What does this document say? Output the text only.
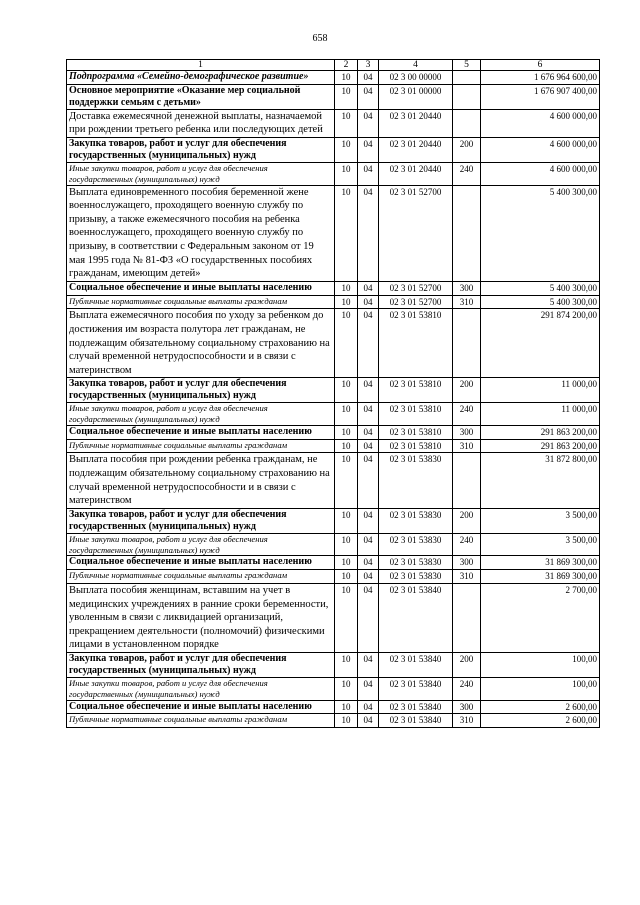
658
1	2	3	4	5	6
Подпрограмма «Семейно-демографическое развитие»	10	04	02 3 00 00000		1 676 964 600,00
Основное мероприятие «Оказание мер социальной поддержки семьям с детьми»	10	04	02 3 01 00000		1 676 907 400,00
Доставка ежемесячной денежной выплаты, назначаемой при рождении третьего ребенка или последующих детей	10	04	02 3 01 20440		4 600 000,00
Закупка товаров, работ и услуг для обеспечения государственных (муниципальных) нужд	10	04	02 3 01 20440	200	4 600 000,00
Иные закупки товаров, работ и услуг для обеспечения государственных (муниципальных) нужд	10	04	02 3 01 20440	240	4 600 000,00
Выплата единовременного пособия беременной жене военнослужащего, проходящего военную службу по призыву, а также ежемесячного пособия на ребенка военнослужащего, проходящего военную службу по призыву, в соответствии с Федеральным законом от 19 мая 1995 года № 81-ФЗ «О государственных пособиях гражданам, имеющим детей»	10	04	02 3 01 52700		5 400 300,00
Социальное обеспечение и иные выплаты населению	10	04	02 3 01 52700	300	5 400 300,00
Публичные нормативные социальные выплаты гражданам	10	04	02 3 01 52700	310	5 400 300,00
Выплата ежемесячного пособия по уходу за ребенком до достижения им возраста полутора лет гражданам, не подлежащим обязательному социальному страхованию на случай временной нетрудоспособности и в связи с материнством	10	04	02 3 01 53810		291 874 200,00
Закупка товаров, работ и услуг для обеспечения государственных (муниципальных) нужд	10	04	02 3 01 53810	200	11 000,00
Иные закупки товаров, работ и услуг для обеспечения государственных (муниципальных) нужд	10	04	02 3 01 53810	240	11 000,00
Социальное обеспечение и иные выплаты населению	10	04	02 3 01 53810	300	291 863 200,00
Публичные нормативные социальные выплаты гражданам	10	04	02 3 01 53810	310	291 863 200,00
Выплата пособия при рождении ребенка гражданам, не подлежащим обязательному социальному страхованию на случай временной нетрудоспособности и в связи с материнством	10	04	02 3 01 53830		31 872 800,00
Закупка товаров, работ и услуг для обеспечения государственных (муниципальных) нужд	10	04	02 3 01 53830	200	3 500,00
Иные закупки товаров, работ и услуг для обеспечения государственных (муниципальных) нужд	10	04	02 3 01 53830	240	3 500,00
Социальное обеспечение и иные выплаты населению	10	04	02 3 01 53830	300	31 869 300,00
Публичные нормативные социальные выплаты гражданам	10	04	02 3 01 53830	310	31 869 300,00
Выплата пособия женщинам, вставшим на учет в медицинских учреждениях в ранние сроки беременности, уволенным в связи с ликвидацией организаций, прекращением деятельности (полномочий) физическими лицами в установленном порядке	10	04	02 3 01 53840		2 700,00
Закупка товаров, работ и услуг для обеспечения государственных (муниципальных) нужд	10	04	02 3 01 53840	200	100,00
Иные закупки товаров, работ и услуг для обеспечения государственных (муниципальных) нужд	10	04	02 3 01 53840	240	100,00
Социальное обеспечение и иные выплаты населению	10	04	02 3 01 53840	300	2 600,00
Публичные нормативные социальные выплаты гражданам	10	04	02 3 01 53840	310	2 600,00
